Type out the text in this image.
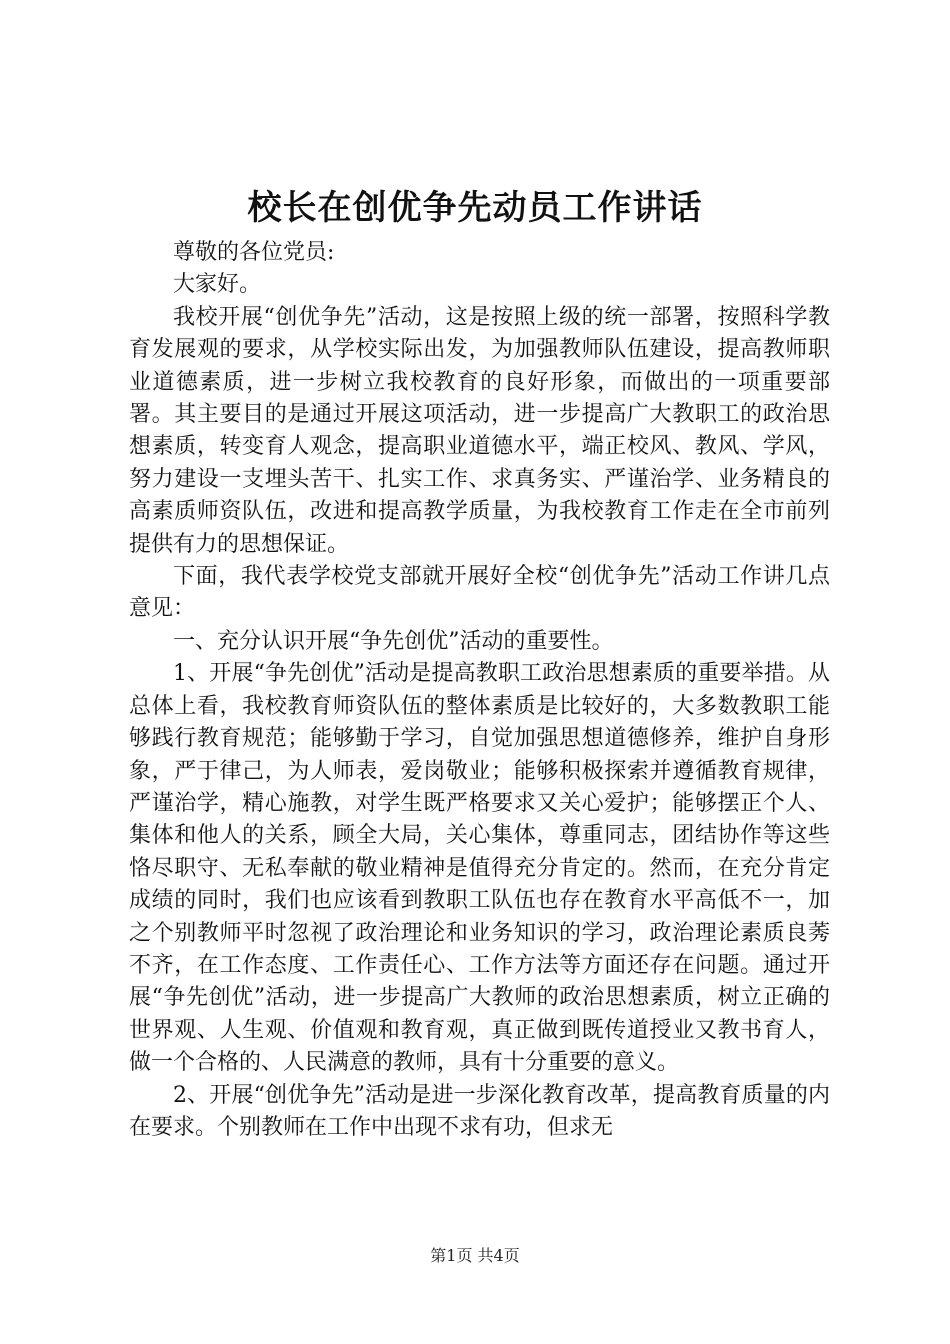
校长在创优争先动员工作讲话

尊敬的各位党员:

大家好。

我校开展“创优争先”活动，这是按照上级的统一部署，按照科学教育发展观的要求，从学校实际出发，为加强教师队伍建设，提高教师职业道德素质，进一步树立我校教育的良好形象，而做出的一项重要部署。其主要目的是通过开展这项活动，进一步提高广大教职工的政治思想素质，转变育人观念，提高职业道德水平，端正校风、教风、学风，努力建设一支埋头苦干、扎实工作、求真务实、严谨治学、业务精良的高素质师资队伍，改进和提高教学质量，为我校教育工作走在全市前列提供有力的思想保证。

下面，我代表学校党支部就开展好全校“创优争先”活动工作讲几点意见：

一、充分认识开展“争先创优”活动的重要性。

1、开展“争先创优”活动是提高教职工政治思想素质的重要举措。从总体上看，我校教育师资队伍的整体素质是比较好的，大多数教职工能够践行教育规范；能够勤于学习，自觉加强思想道德修养，维护自身形象，严于律己，为人师表，爱岗敬业；能够积极探索并遵循教育规律，严谨治学，精心施教，对学生既严格要求又关心爱护；能够摆正个人、集体和他人的关系，顾全大局，关心集体，尊重同志，团结协作等这些恪尽职守、无私奉献的敬业精神是值得充分肯定的。然而，在充分肯定成绩的同时，我们也应该看到教职工队伍也存在教育水平高低不一，加之个别教师平时忽视了政治理论和业务知识的学习，政治理论素质良莠不齐，在工作态度、工作责任心、工作方法等方面还存在问题。通过开展“争先创优”活动，进一步提高广大教师的政治思想素质，树立正确的世界观、人生观、价值观和教育观，真正做到既传道授业又教书育人，做一个合格的、人民满意的教师，具有十分重要的意义。

2、开展“创优争先”活动是进一步深化教育改革，提高教育质量的内在要求。个别教师在工作中出现不求有功，但求无

第1页 共4页
